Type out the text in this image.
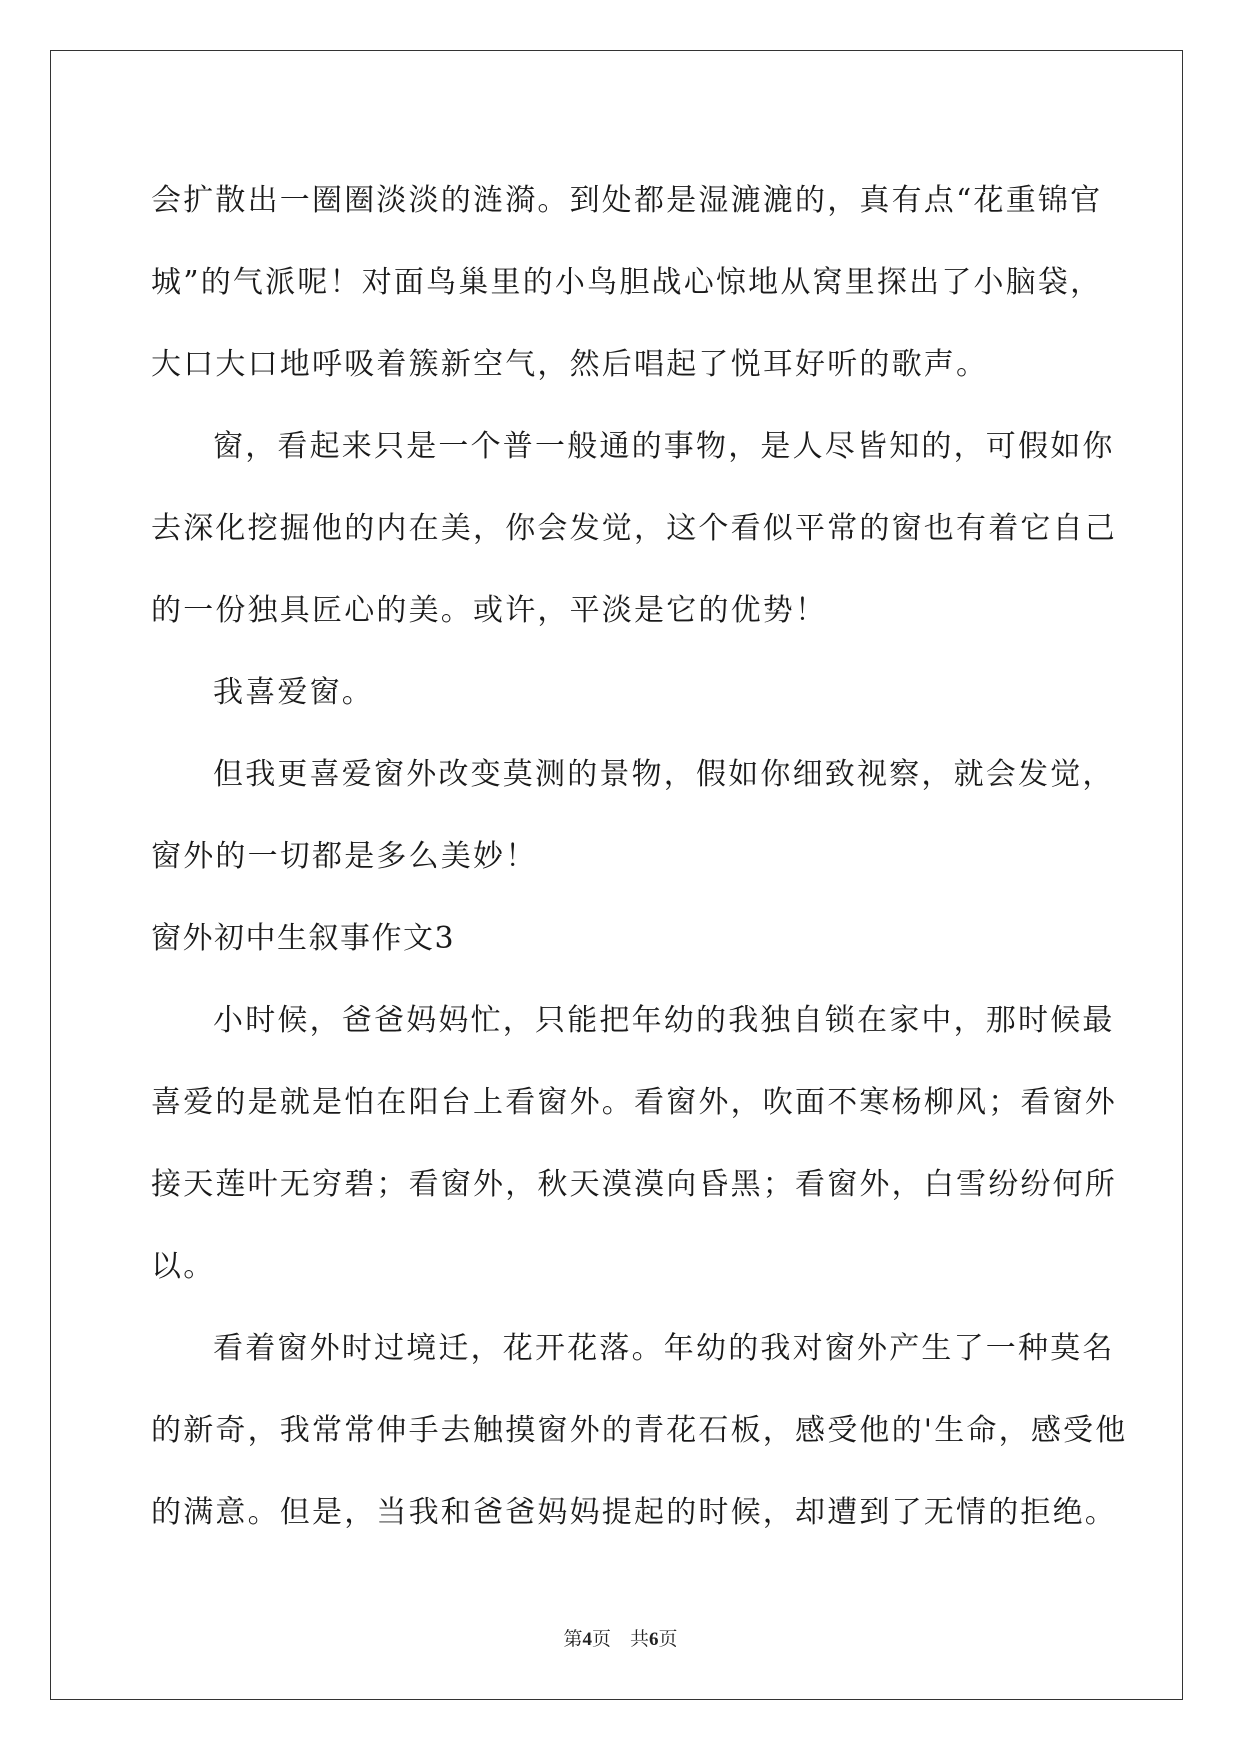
会扩散出一圈圈淡淡的涟漪。到处都是湿漉漉的，真有点“花重锦官
城”的气派呢！对面鸟巢里的小鸟胆战心惊地从窝里探出了小脑袋，
大口大口地呼吸着簇新空气，然后唱起了悦耳好听的歌声。
窗，看起来只是一个普一般通的事物，是人尽皆知的，可假如你
去深化挖掘他的内在美，你会发觉，这个看似平常的窗也有着它自己
的一份独具匠心的美。或许，平淡是它的优势！
我喜爱窗。
但我更喜爱窗外改变莫测的景物，假如你细致视察，就会发觉，
窗外的一切都是多么美妙！
窗外初中生叙事作文3
小时候，爸爸妈妈忙，只能把年幼的我独自锁在家中，那时候最
喜爱的是就是怕在阳台上看窗外。看窗外，吹面不寒杨柳风；看窗外
接天莲叶无穷碧；看窗外，秋天漠漠向昏黑；看窗外，白雪纷纷何所
以。
看着窗外时过境迁，花开花落。年幼的我对窗外产生了一种莫名
的新奇，我常常伸手去触摸窗外的青花石板，感受他的'生命，感受他
的满意。但是，当我和爸爸妈妈提起的时候，却遭到了无情的拒绝。
第4页 共6页
